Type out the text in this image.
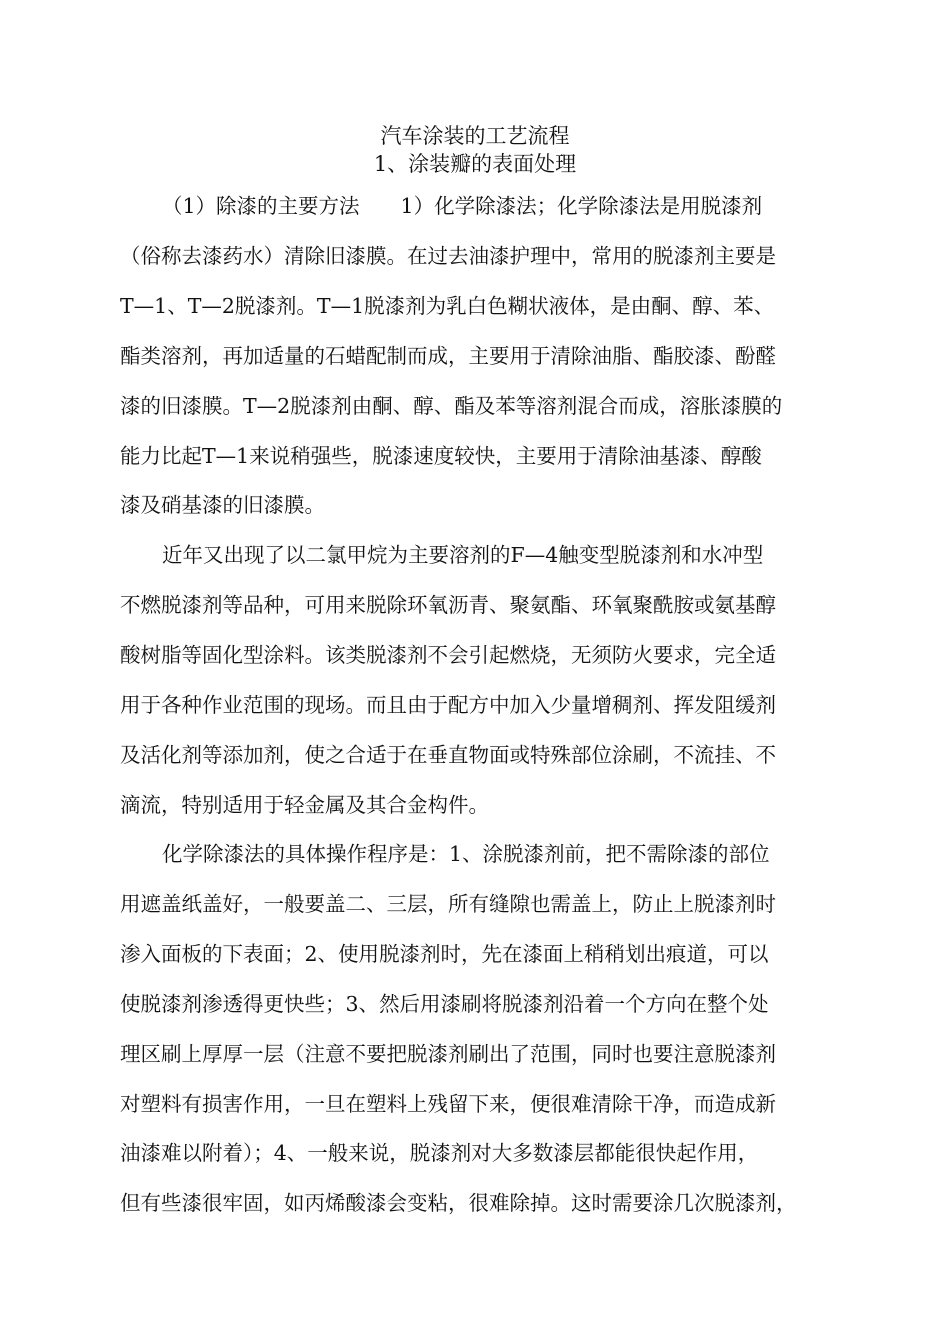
汽车涂装的工艺流程
1、涂装瓣的表面处理
（1）除漆的主要方法　　1）化学除漆法；化学除漆法是用脱漆剂
（俗称去漆药水）清除旧漆膜。在过去油漆护理中，常用的脱漆剂主要是
T—1、T—2脱漆剂。T—1脱漆剂为乳白色糊状液体，是由酮、醇、苯、
酯类溶剂，再加适量的石蜡配制而成，主要用于清除油脂、酯胶漆、酚醛
漆的旧漆膜。T—2脱漆剂由酮、醇、酯及苯等溶剂混合而成，溶胀漆膜的
能力比起T—1来说稍强些，脱漆速度较快，主要用于清除油基漆、醇酸
漆及硝基漆的旧漆膜。
近年又出现了以二氯甲烷为主要溶剂的F—4触变型脱漆剂和水冲型
不燃脱漆剂等品种，可用来脱除环氧沥青、聚氨酯、环氧聚酰胺或氨基醇
酸树脂等固化型涂料。该类脱漆剂不会引起燃烧，无须防火要求，完全适
用于各种作业范围的现场。而且由于配方中加入少量增稠剂、挥发阻缓剂
及活化剂等添加剂，使之合适于在垂直物面或特殊部位涂刷，不流挂、不
滴流，特别适用于轻金属及其合金构件。
化学除漆法的具体操作程序是：1、涂脱漆剂前，把不需除漆的部位
用遮盖纸盖好，一般要盖二、三层，所有缝隙也需盖上，防止上脱漆剂时
渗入面板的下表面；2、使用脱漆剂时，先在漆面上稍稍划出痕道，可以
使脱漆剂渗透得更快些；3、然后用漆刷将脱漆剂沿着一个方向在整个处
理区刷上厚厚一层（注意不要把脱漆剂刷出了范围，同时也要注意脱漆剂
对塑料有损害作用，一旦在塑料上残留下来，便很难清除干净，而造成新
油漆难以附着）；4、一般来说，脱漆剂对大多数漆层都能很快起作用，
但有些漆很牢固，如丙烯酸漆会变粘，很难除掉。这时需要涂几次脱漆剂，
